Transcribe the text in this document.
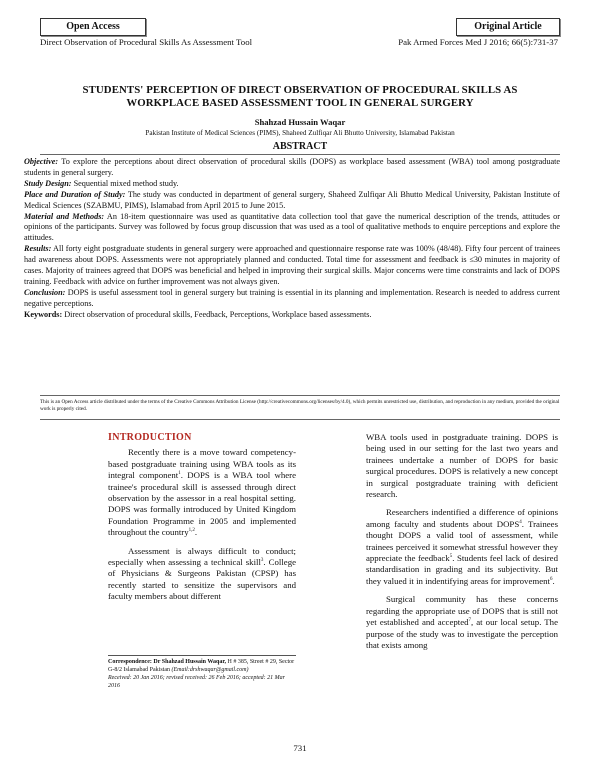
Open Access	Original Article
Direct Observation of Procedural Skills As Assessment Tool	Pak Armed Forces Med J 2016; 66(5):731-37
STUDENTS' PERCEPTION OF DIRECT OBSERVATION OF PROCEDURAL SKILLS AS
WORKPLACE BASED ASSESSMENT TOOL IN GENERAL SURGERY
Shahzad Hussain Waqar
Pakistan Institute of Medical Sciences (PIMS), Shaheed Zulfiqar Ali Bhutto University, Islamabad Pakistan
ABSTRACT

Objective: To explore the perceptions about direct observation of procedural skills (DOPS) as workplace based assessment (WBA) tool among postgraduate students in general surgery.

Study Design: Sequential mixed method study.

Place and Duration of Study: The study was conducted in department of general surgery, Shaheed Zulfiqar Ali Bhutto Medical University, Pakistan Institute of Medical Sciences (SZABMU, PIMS), Islamabad from April 2015 to June 2015.

Material and Methods: An 18-item questionnaire was used as quantitative data collection tool that gave the numerical description of the trends, attitudes or opinions of the participants. Survey was followed by focus group discussion that was used as a tool of qualitative methods to enquire perceptions and explore the attitudes.

Results: All forty eight postgraduate students in general surgery were approached and questionnaire response rate was 100% (48/48). Fifty four percent of trainees had awareness about DOPS. Assessments were not appropriately planned and conducted. Total time for assessment and feedback is ≤30 minutes in majority of cases. Majority of trainees agreed that DOPS was beneficial and helped in improving their surgical skills. Major concerns were time constraints and lack of DOPS training. Feedback with advice on further improvement was not always given.

Conclusion: DOPS is useful assessment tool in general surgery but training is essential in its planning and implementation. Research is needed to address current negative perceptions.

Keywords: Direct observation of procedural skills, Feedback, Perceptions, Workplace based assessments.

This is an Open Access article distributed under the terms of the Creative Commons Attribution License (http://creativecommons.org/licenses/by/4.0), which permits unrestricted use, distribution, and reproduction in any medium, provided the original work is properly cited.
INTRODUCTION

Recently there is a move toward competency-based postgraduate training using WBA tools as its integral component$^1$. DOPS is a WBA tool where trainee's procedural skill is assessed through direct observation by the assessor in a real hospital setting. DOPS was formally introduced by United Kingdom Foundation Programme in 2005 and implemented throughout the country$^{1,2}$.

Assessment is always difficult to conduct; especially when assessing a technical skill$^3$. College of Physicians & Surgeons Pakistan (CPSP) has recently started to sensitize the supervisors and faculty members about different

WBA tools used in postgraduate training. DOPS is being used in our setting for the last two years and trainees undertake a number of DOPS for basic surgical procedures. DOPS is relatively a new concept in surgical postgraduate training with deficient research.

Researchers indentified a difference of opinions among faculty and students about DOPS$^4$. Trainees thought DOPS a valid tool of assessment, while trainees perceived it somewhat stressful however they appreciate the feedback$^5$. Students feel lack of desired standardisation in grading and its subjectivity. But they valued it in indentifying areas for improvement$^6$.

Surgical community has these concerns regarding the appropriate use of DOPS that is still not yet established and accepted$^7$, at our local setup. The purpose of the study was to investigate the perception that exists among

Correspondence: Dr Shahzad Hussain Waqar, H # 385, Street # 29, Sector G-8/2 Islamabad Pakistan (Email:drshwaqar@gmail.com)
Received: 20 Jan 2016; revised received: 26 Feb 2016; accepted: 21 Mar 2016
731
